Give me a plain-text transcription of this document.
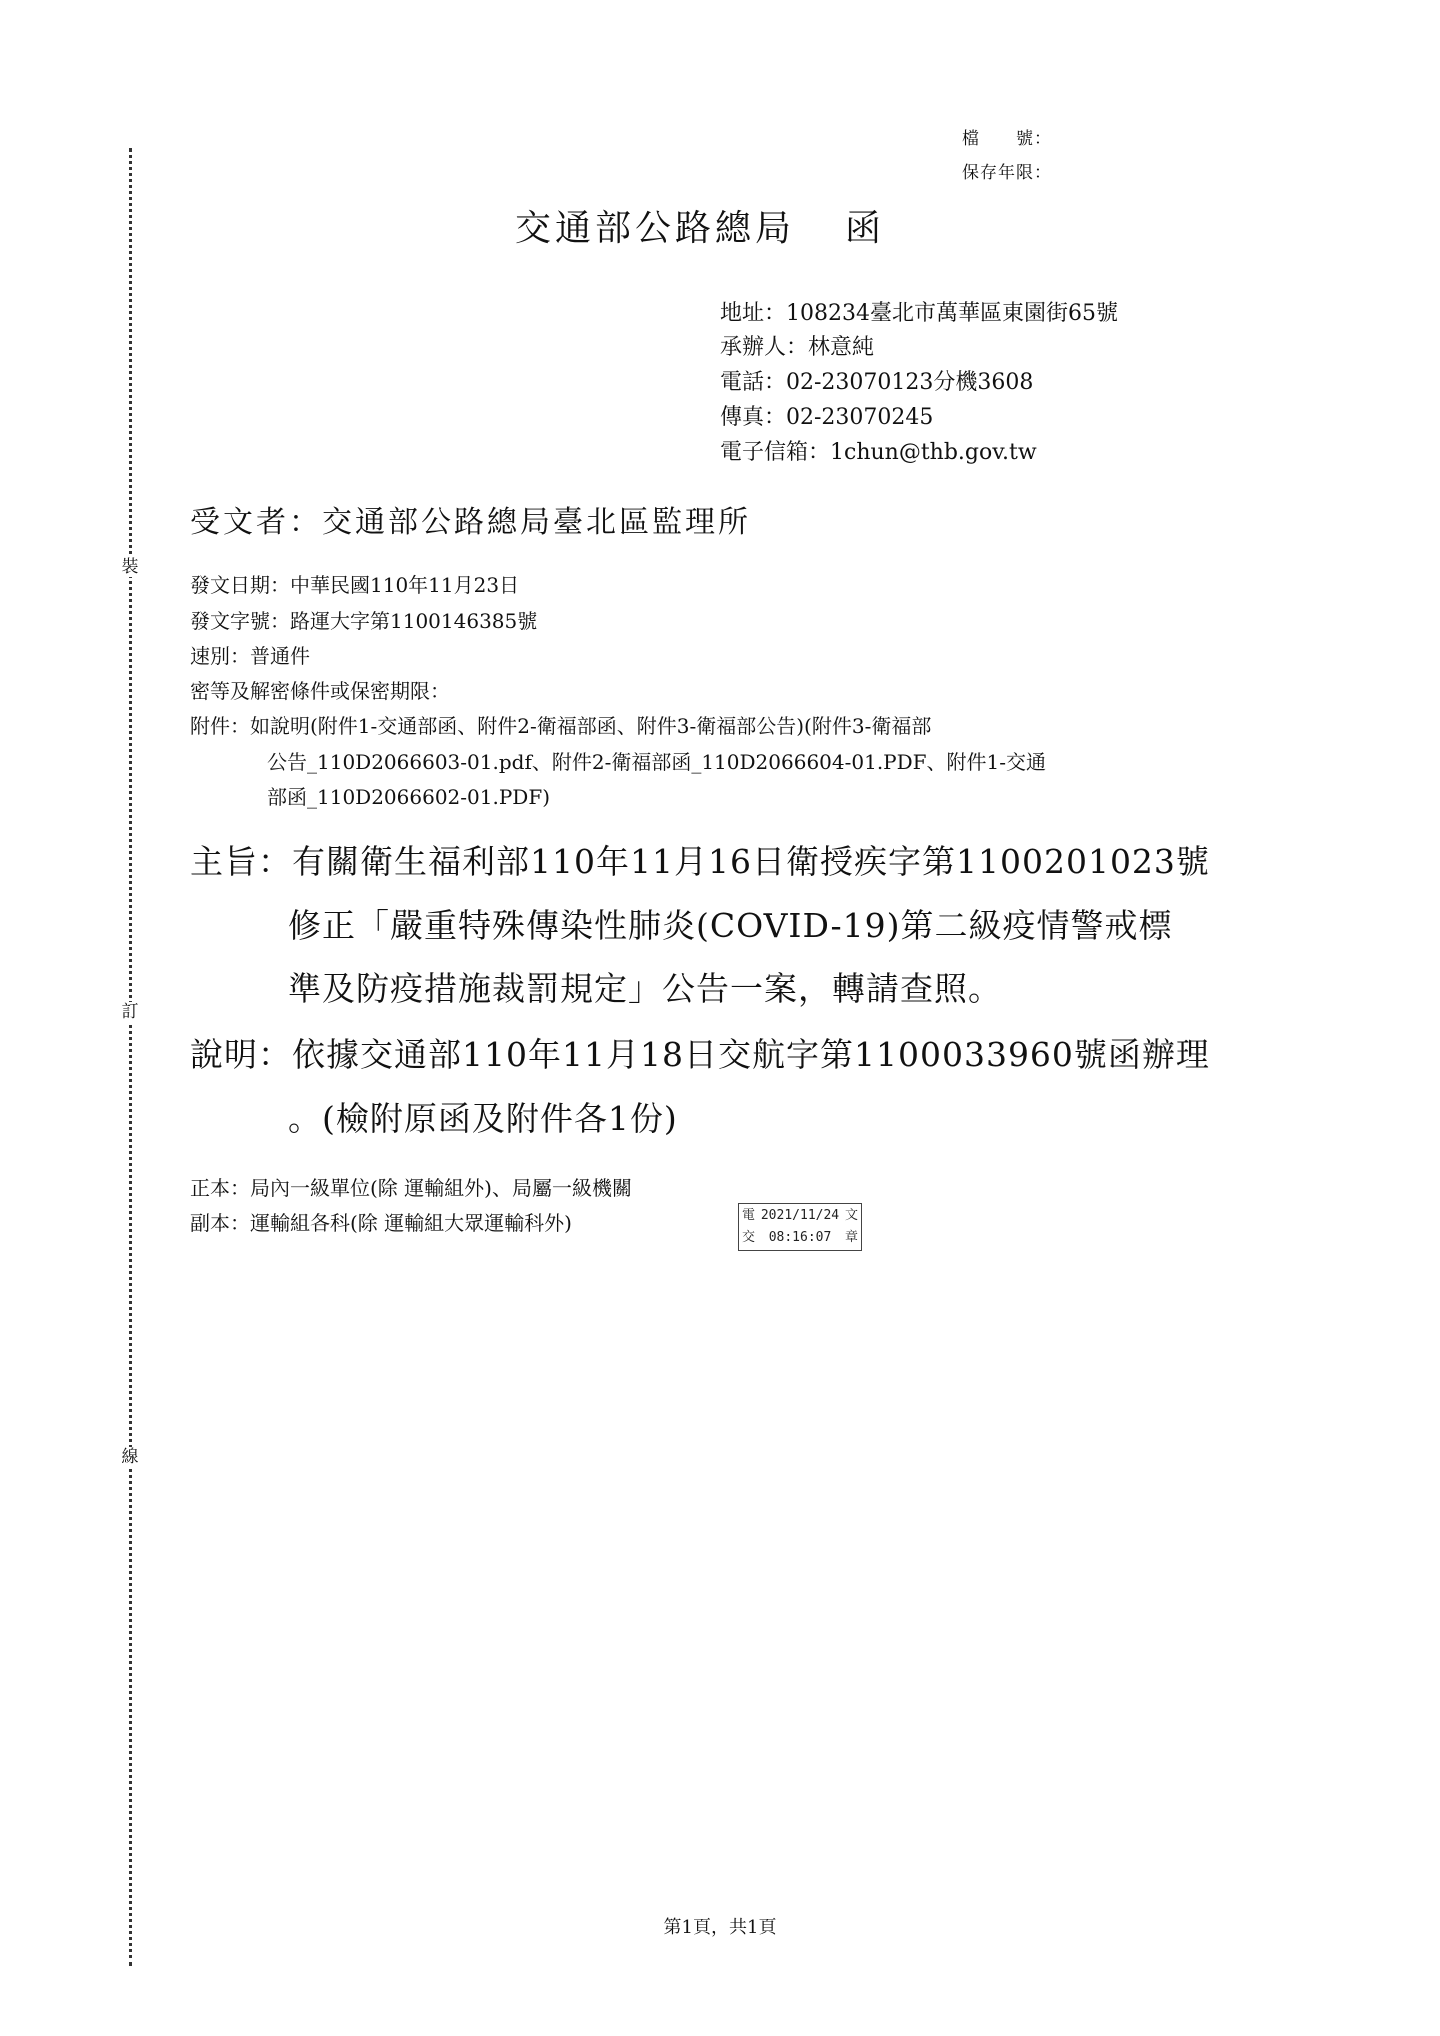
裝
訂
線
檔　　號：
保存年限：
交通部公路總局 函
地址：108234臺北市萬華區東園街65號
承辦人：林意純
電話：02-23070123分機3608
傳真：02-23070245
電子信箱：1chun@thb.gov.tw
受文者：交通部公路總局臺北區監理所
發文日期：中華民國110年11月23日
發文字號：路運大字第1100146385號
速別：普通件
密等及解密條件或保密期限：
附件：如說明(附件1-交通部函、附件2-衛福部函、附件3-衛福部公告)(附件3-衛福部
公告_110D2066603-01.pdf、附件2-衛福部函_110D2066604-01.PDF、附件1-交通
部函_110D2066602-01.PDF)
主旨：有關衛生福利部110年11月16日衛授疾字第1100201023號
修正「嚴重特殊傳染性肺炎(COVID-19)第二級疫情警戒標
準及防疫措施裁罰規定」公告一案，轉請查照。
說明：依據交通部110年11月18日交航字第1100033960號函辦理
。(檢附原函及附件各1份)
正本：局內一級單位(除 運輸組外)、局屬一級機關
副本：運輸組各科(除 運輸組大眾運輸科外)	電 2021/11/24 文
交 08:16:07 章
第1頁，共1頁
